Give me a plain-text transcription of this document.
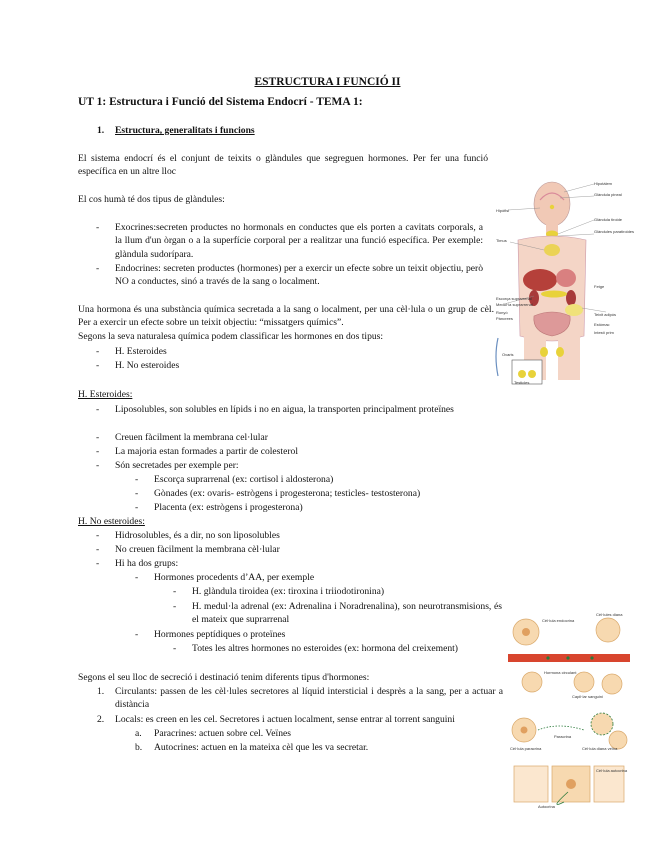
ESTRUCTURA I FUNCIÓ II
UT 1: Estructura i Funció del Sistema Endocrí - TEMA 1:
1. Estructura, generalitats i funcions
El sistema endocrí és el conjunt de teixits o glàndules que segreguen hormones. Per fer una funció específica en un altre lloc
El cos humà té dos tipus de glàndules:
- Exocrines:secreten productes no hormonals en conductes que els porten a cavitats corporals, a la llum d'un òrgan o a la superfície corporal per a realitzar una funció específica. Per exemple: glàndula sudorípara.
- Endocrines: secreten productes (hormones) per a exercir un efecte sobre un teixit objectiu, però NO a conductes, sinó a través de la sang o localment.
Una hormona és una substància química secretada a la sang o localment, per una cèl·lula o un grup de cèl. Per a exercir un efecte sobre un teixit objectiu: “missatgers químics”.
Segons la seva naturalesa química podem classificar les hormones en dos tipus:
- H. Esteroides
- H. No esteroides
H. Esteroides:
- Liposolubles, son solubles en lípids i no en aigua, la transporten principalment proteïnes
- Creuen fàcilment la membrana cel·lular
- La majoria estan formades a partir de colesterol
- Són secretades per exemple per:
- Escorça suprarrenal (ex: cortisol i aldosterona)
- Gònades (ex: ovaris- estrògens i progesterona; testicles- testosterona)
- Placenta (ex: estrògens i progesterona)
H. No esteroides:
- Hidrosolubles, és a dir, no son liposolubles
- No creuen fàcilment la membrana cèl·lular
- Hi ha dos grups:
- Hormones procedents d’AA, per exemple
- H. glàndula tiroidea (ex: tiroxina i triiodotironina)
- H. medul·la adrenal (ex: Adrenalina i Noradrenalina), son neurotransmisions, és el mateix que suprarrenal
- Hormones peptídiques o proteïnes
- Totes les altres hormones no esteroides (ex: hormona del creixement)
Segons el seu lloc de secreció i destinació tenim diferents tipus d'hormones:
1. Circulants: passen de les cèl·lules secretores al líquid intersticial i desprès a la sang, per a actuar a distància
2. Locals: es creen en les cel. Secretores i actuen localment, sense entrar al torrent sanguini
a. Paracrines: actuen sobre cel. Veïnes
b. Autocrines: actuen en la mateixa cèl que les va secretar.
Hipotàlem
Glàndula pineal
Hipòfisi
Glàndula tiroide
Glàndules paratiroides
Timus
Escorça suprarrenal
Medul·la suprarrenal
Fetge
Ronyó
Pàncrees
Teixit adipós
Estómac
Intestí prim
Ovaris
Testicles
Cèl·lula endocrina
Cèl·lules diana
Hormona circulant
Capil·lar sanguini
Cèl·lula paracrina
Paracrina
Cèl·lula diana veïna
Autocrina
Cèl·lula autocrina
